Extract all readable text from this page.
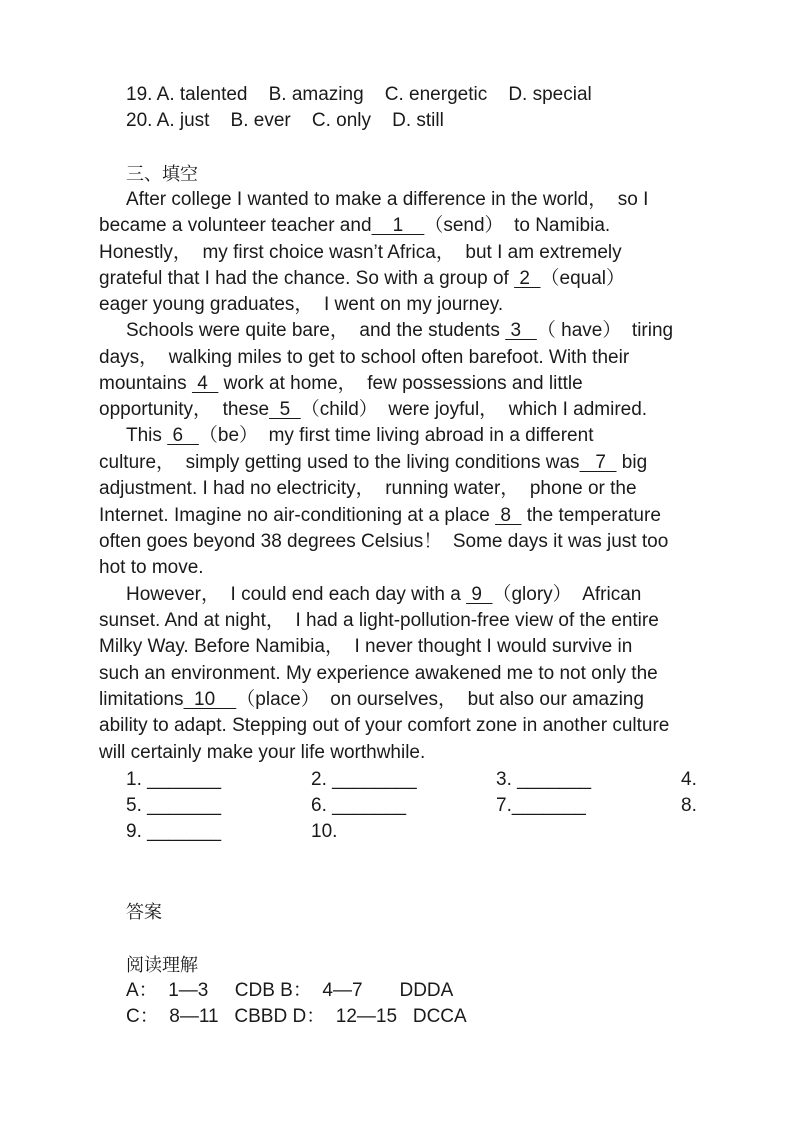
19. A. talented    B. amazing    C. energetic    D. special
20. A. just    B. ever    C. only    D. still
三、填空
After college I wanted to make a difference in the world，  so I
became a volunteer teacher and    1    （send）  to Namibia.
Honestly，  my first choice wasn’t Africa，  but I am extremely
grateful that I had the chance. So with a group of  2  （equal）
eager young graduates，  I went on my journey.
Schools were quite bare，  and the students  3   （ have）  tiring
days，  walking miles to get to school often barefoot. With their
mountains  4   work at home，  few possessions and little
opportunity，  these  5  （child）  were joyful，  which I admired.
This  6   （be）  my first time living abroad in a different
culture，  simply getting used to the living conditions was   7   big
adjustment. I had no electricity，  running water，  phone or the
Internet. Imagine no air-conditioning at a place  8   the temperature
often goes beyond 38 degrees Celsius！  Some days it was just too
hot to move.
However，  I could end each day with a  9  （glory）  African
sunset. And at night，  I had a light-pollution-free view of the entire
Milky Way. Before Namibia，  I never thought I would survive in
such an environment. My experience awakened me to not only the
limitations  10    （place）  on ourselves，  but also our amazing
ability to adapt. Stepping out of your comfort zone in another culture
will certainly make your life worthwhile.
1. _______	2. ________	3. _______	4.
5. _______	6. _______	7._______	8.
9. _______	10.
答案
阅读理解
A：  1—3     CDB B：  4—7       DDDA
C：  8—11   CBBD D：  12—15   DCCA
